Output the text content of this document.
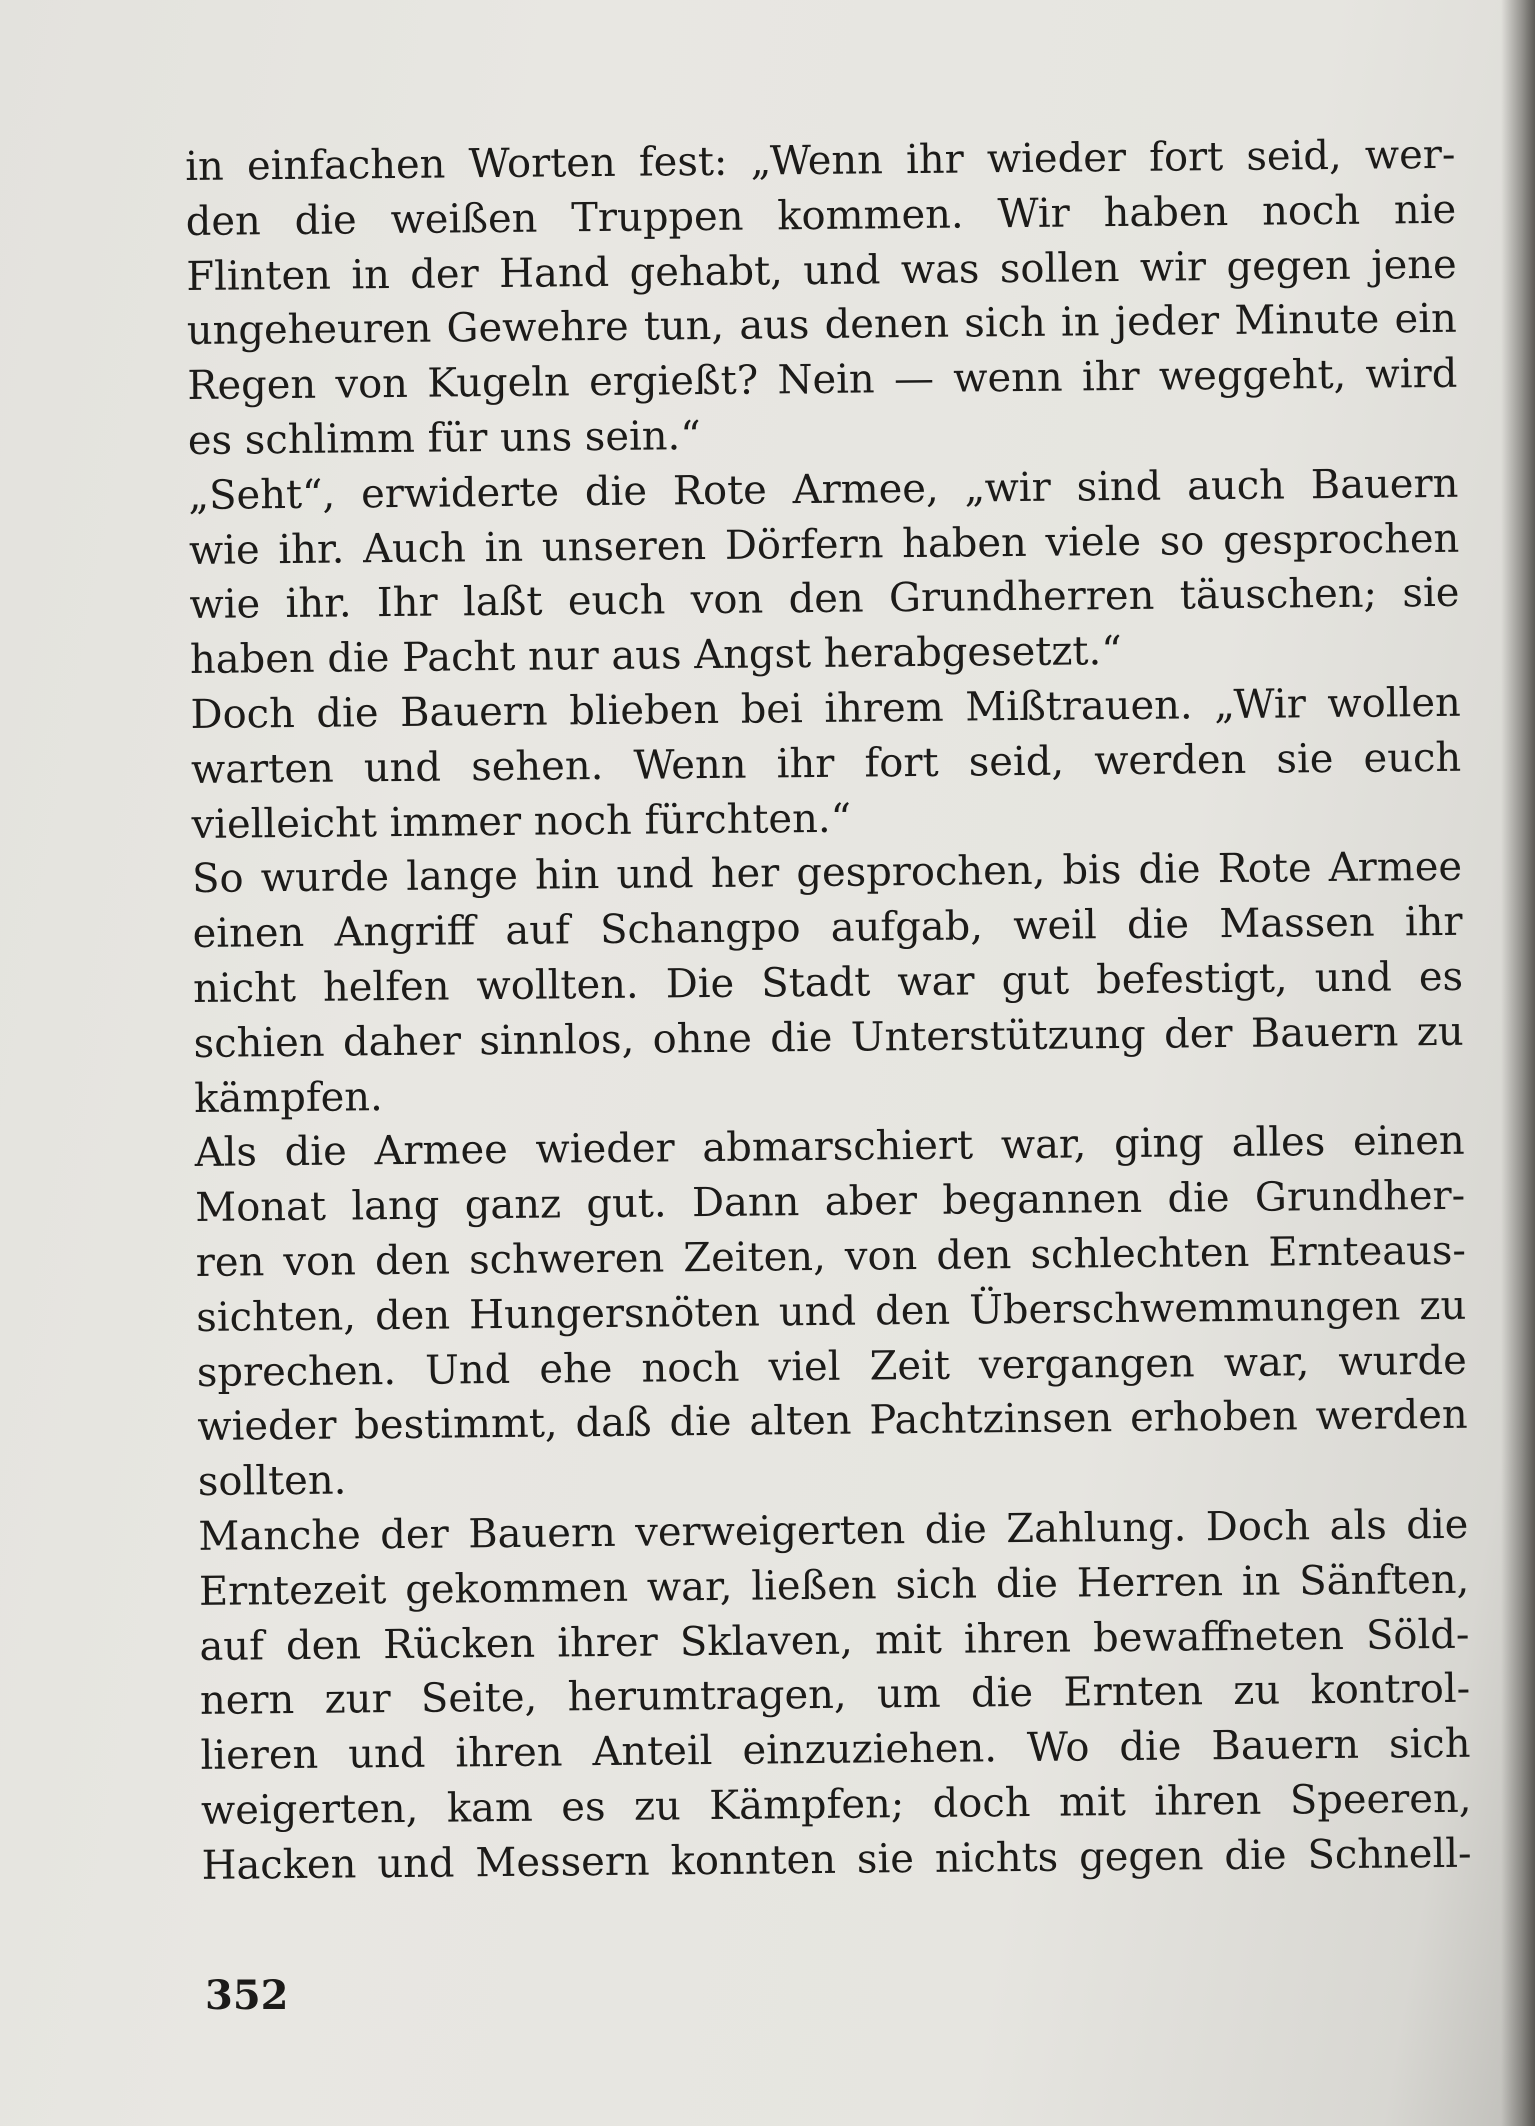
in einfachen Worten fest: „Wenn ihr wieder fort seid, wer-
den die weißen Truppen kommen. Wir haben noch nie
Flinten in der Hand gehabt, und was sollen wir gegen jene
ungeheuren Gewehre tun, aus denen sich in jeder Minute ein
Regen von Kugeln ergießt? Nein — wenn ihr weggeht, wird
es schlimm für uns sein.“
„Seht“, erwiderte die Rote Armee, „wir sind auch Bauern
wie ihr. Auch in unseren Dörfern haben viele so gesprochen
wie ihr. Ihr laßt euch von den Grundherren täuschen; sie
haben die Pacht nur aus Angst herabgesetzt.“
Doch die Bauern blieben bei ihrem Mißtrauen. „Wir wollen
warten und sehen. Wenn ihr fort seid, werden sie euch
vielleicht immer noch fürchten.“
So wurde lange hin und her gesprochen, bis die Rote Armee
einen Angriff auf Schangpo aufgab, weil die Massen ihr
nicht helfen wollten. Die Stadt war gut befestigt, und es
schien daher sinnlos, ohne die Unterstützung der Bauern zu
kämpfen.
Als die Armee wieder abmarschiert war, ging alles einen
Monat lang ganz gut. Dann aber begannen die Grundher-
ren von den schweren Zeiten, von den schlechten Ernteaus-
sichten, den Hungersnöten und den Überschwemmungen zu
sprechen. Und ehe noch viel Zeit vergangen war, wurde
wieder bestimmt, daß die alten Pachtzinsen erhoben werden
sollten.
Manche der Bauern verweigerten die Zahlung. Doch als die
Erntezeit gekommen war, ließen sich die Herren in Sänften,
auf den Rücken ihrer Sklaven, mit ihren bewaffneten Söld-
nern zur Seite, herumtragen, um die Ernten zu kontrol-
lieren und ihren Anteil einzuziehen. Wo die Bauern sich
weigerten, kam es zu Kämpfen; doch mit ihren Speeren,
Hacken und Messern konnten sie nichts gegen die Schnell-
352
